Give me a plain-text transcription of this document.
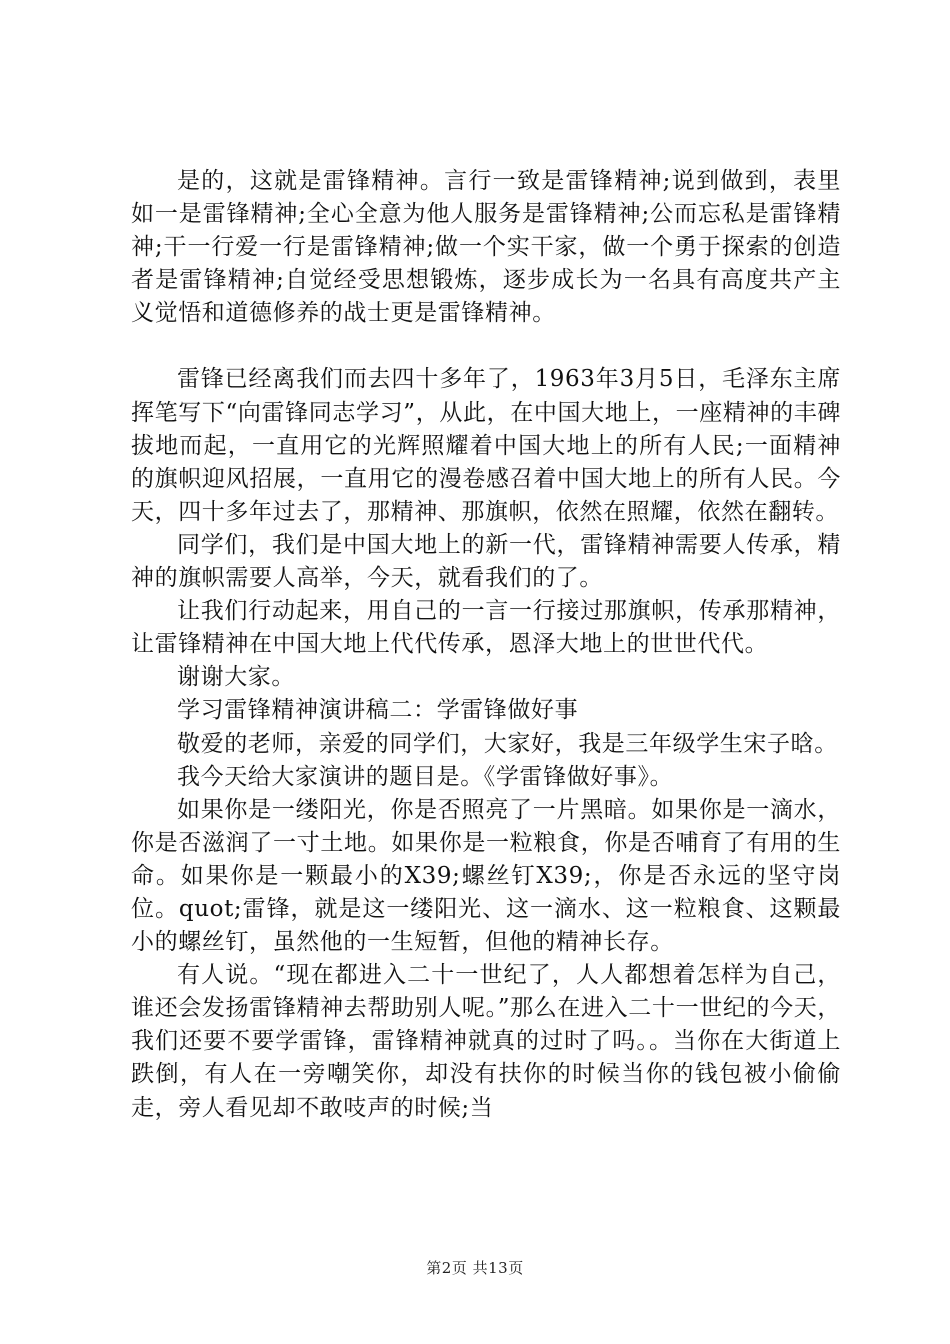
是的，这就是雷锋精神。言行一致是雷锋精神;说到做到，表里如一是雷锋精神;全心全意为他人服务是雷锋精神;公而忘私是雷锋精神;干一行爱一行是雷锋精神;做一个实干家，做一个勇于探索的创造者是雷锋精神;自觉经受思想锻炼，逐步成长为一名具有高度共产主义觉悟和道德修养的战士更是雷锋精神。

雷锋已经离我们而去四十多年了，1963年3月5日，毛泽东主席挥笔写下“向雷锋同志学习”，从此，在中国大地上，一座精神的丰碑拔地而起，一直用它的光辉照耀着中国大地上的所有人民;一面精神的旗帜迎风招展，一直用它的漫卷感召着中国大地上的所有人民。今天，四十多年过去了，那精神、那旗帜，依然在照耀，依然在翻转。

同学们，我们是中国大地上的新一代，雷锋精神需要人传承，精神的旗帜需要人高举，今天，就看我们的了。

让我们行动起来，用自己的一言一行接过那旗帜，传承那精神，让雷锋精神在中国大地上代代传承，恩泽大地上的世世代代。

谢谢大家。

学习雷锋精神演讲稿二：学雷锋做好事

敬爱的老师，亲爱的同学们，大家好，我是三年级学生宋子晗。

我今天给大家演讲的题目是。《学雷锋做好事》。

如果你是一缕阳光，你是否照亮了一片黑暗。如果你是一滴水，你是否滋润了一寸土地。如果你是一粒粮食，你是否哺育了有用的生命。如果你是一颗最小的X39;螺丝钉X39;，你是否永远的坚守岗位。quot;雷锋，就是这一缕阳光、这一滴水、这一粒粮食、这颗最小的螺丝钉，虽然他的一生短暂，但他的精神长存。

有人说。“现在都进入二十一世纪了，人人都想着怎样为自己，谁还会发扬雷锋精神去帮助别人呢。”那么在进入二十一世纪的今天，我们还要不要学雷锋，雷锋精神就真的过时了吗。。当你在大街道上跌倒，有人在一旁嘲笑你，却没有扶你的时候当你的钱包被小偷偷走，旁人看见却不敢吱声的时候;当

第2页 共13页
